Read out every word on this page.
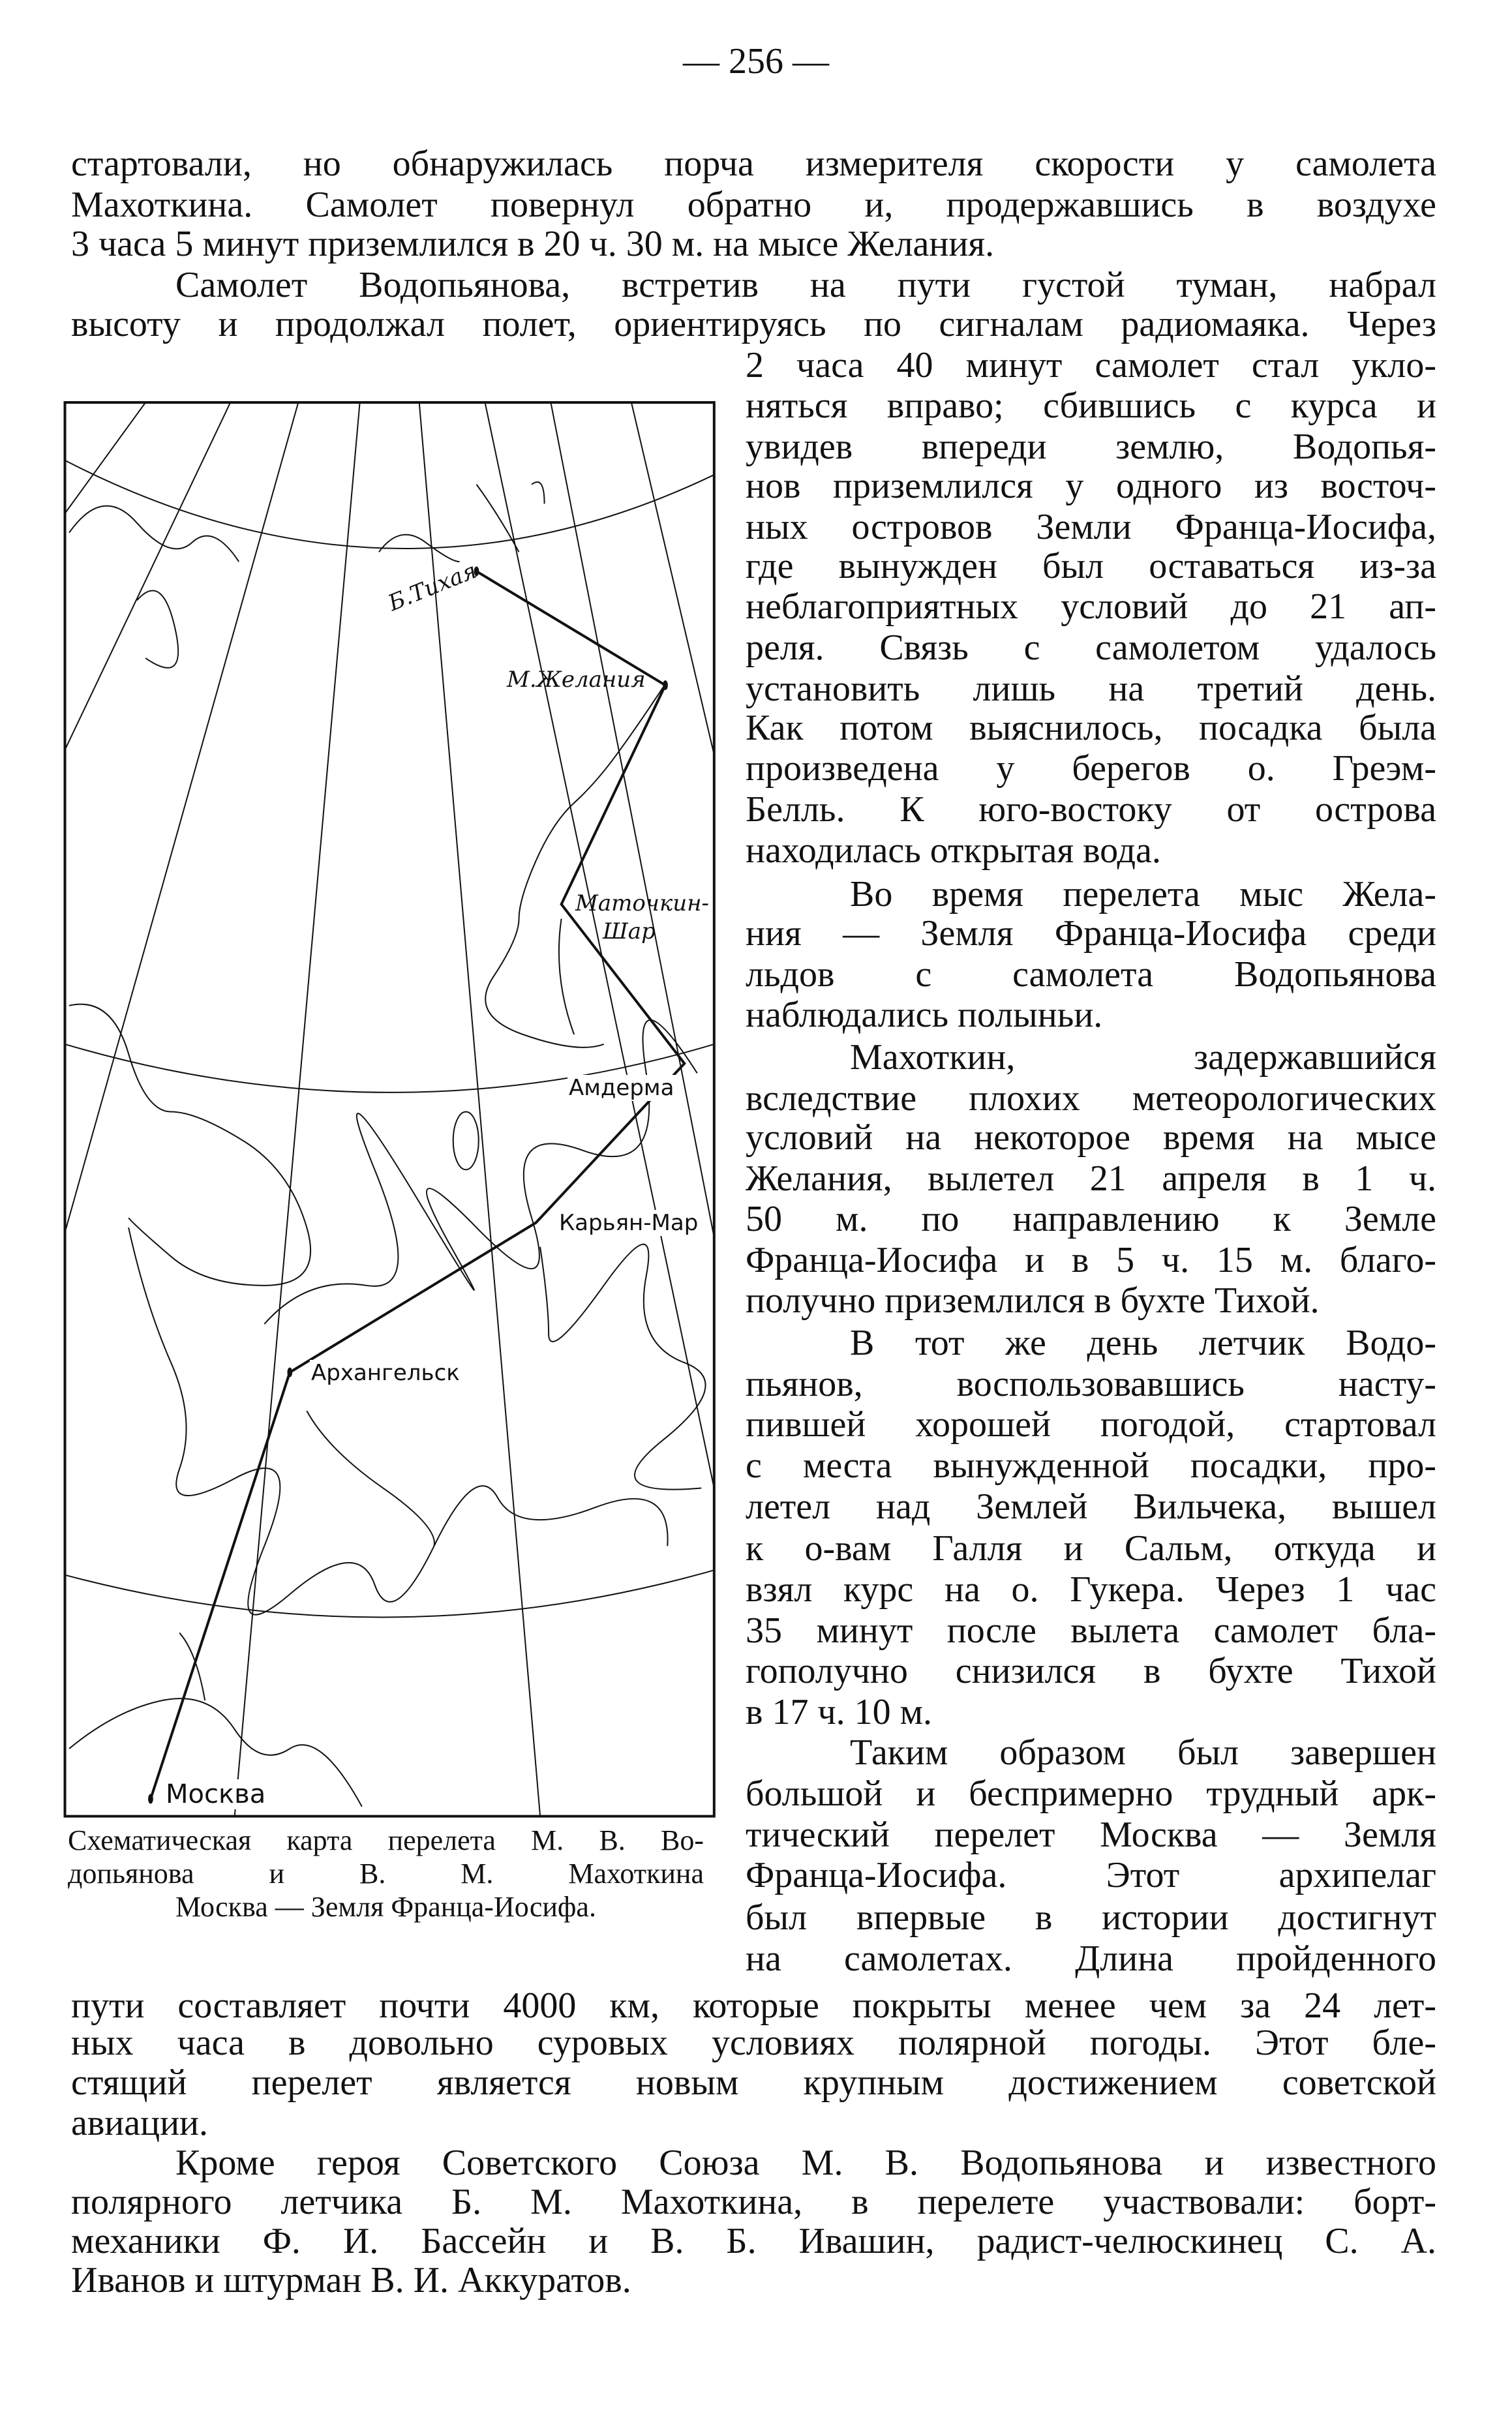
— 256 —
стартовали, но обнаружилась порча измерителя скорости у самолета
Махоткина. Самолет повернул обратно и, продержавшись в воздухе
3 часа 5 минут приземлился в 20 ч. 30 м. на мысе Желания.
Самолет Водопьянова, встретив на пути густой туман, набрал
высоту и продолжал полет, ориентируясь по сигналам радиомаяка. Через
2 часа 40 минут самолет стал укло-
няться вправо; сбившись с курса и
увидев впереди землю, Водопья-
нов приземлился у одного из восточ-
ных островов Земли Франца-Иосифа,
где вынужден был оставаться из-за
неблагоприятных условий до 21 ап-
реля. Связь с самолетом удалось
установить лишь на третий день.
Как потом выяснилось, посадка была
произведена у берегов о. Греэм-
Белль. К юго-востоку от острова
находилась открытая вода.
Во время перелета мыс Жела-
ния — Земля Франца-Иосифа среди
льдов с самолета Водопьянова
наблюдались полыньи.
Махоткин, задержавшийся
вследствие плохих метеорологических
условий на некоторое время на мысе
Желания, вылетел 21 апреля в 1 ч.
50 м. по направлению к Земле
Франца-Иосифа и в 5 ч. 15 м. благо-
получно приземлился в бухте Тихой.
В тот же день летчик Водо-
пьянов, воспользовавшись насту-
пившей хорошей погодой, стартовал
с места вынужденной посадки, про-
летел над Землей Вильчека, вышел
к о-вам Галля и Сальм, откуда и
взял курс на о. Гукера. Через 1 час
35 минут после вылета самолет бла-
гополучно снизился в бухте Тихой
в 17 ч. 10 м.
Таким образом был завершен
большой и беспримерно трудный арк-
тический перелет Москва — Земля
Франца-Иосифа. Этот архипелаг
был впервые в истории достигнут
на самолетах. Длина пройденного
пути составляет почти 4000 км, которые покрыты менее чем за 24 лет-
ных часа в довольно суровых условиях полярной погоды. Этот бле-
стящий перелет является новым крупным достижением советской
авиации.
Кроме героя Советского Союза М. В. Водопьянова и известного
полярного летчика Б. М. Махоткина, в перелете участвовали: борт-
механики Ф. И. Бассейн и В. Б. Ивашин, радист-челюскинец С. А.
Иванов и штурман В. И. Аккуратов.
Б.Тихая
М.Желания
Маточкин-
Шар
Амдерма
Карьян-Мар
Архангельск
Москва
Схематическая карта перелета М. В. Во-
допьянова и В. М. Махоткина
Москва — Земля Франца-Иосифа.
